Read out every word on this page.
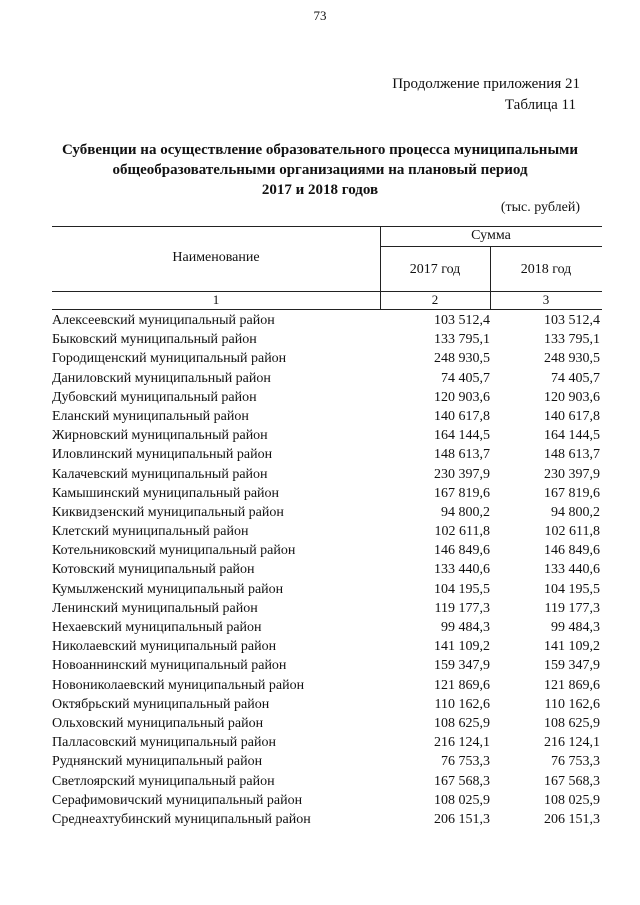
73
Продолжение приложения 21
Таблица 11
Субвенции на осуществление образовательного процесса муниципальными
общеобразовательными организациями на плановый период
2017 и 2018 годов
(тыс. рублей)
Наименование
Сумма
2017 год	2018 год
1	2	3
Алексеевский муниципальный район	103 512,4	103 512,4
Быковский муниципальный район	133 795,1	133 795,1
Городищенский муниципальный район	248 930,5	248 930,5
Даниловский муниципальный район	74 405,7	74 405,7
Дубовский муниципальный район	120 903,6	120 903,6
Еланский муниципальный район	140 617,8	140 617,8
Жирновский муниципальный район	164 144,5	164 144,5
Иловлинский муниципальный район	148 613,7	148 613,7
Калачевский муниципальный район	230 397,9	230 397,9
Камышинский муниципальный район	167 819,6	167 819,6
Киквидзенский муниципальный район	94 800,2	94 800,2
Клетский муниципальный район	102 611,8	102 611,8
Котельниковский муниципальный район	146 849,6	146 849,6
Котовский муниципальный район	133 440,6	133 440,6
Кумылженский муниципальный район	104 195,5	104 195,5
Ленинский муниципальный район	119 177,3	119 177,3
Нехаевский муниципальный район	99 484,3	99 484,3
Николаевский муниципальный район	141 109,2	141 109,2
Новоаннинский муниципальный район	159 347,9	159 347,9
Новониколаевский муниципальный район	121 869,6	121 869,6
Октябрьский муниципальный район	110 162,6	110 162,6
Ольховский муниципальный район	108 625,9	108 625,9
Палласовский муниципальный район	216 124,1	216 124,1
Руднянский муниципальный район	76 753,3	76 753,3
Светлоярский муниципальный район	167 568,3	167 568,3
Серафимовичский муниципальный район	108 025,9	108 025,9
Среднеахтубинский муниципальный район	206 151,3	206 151,3
